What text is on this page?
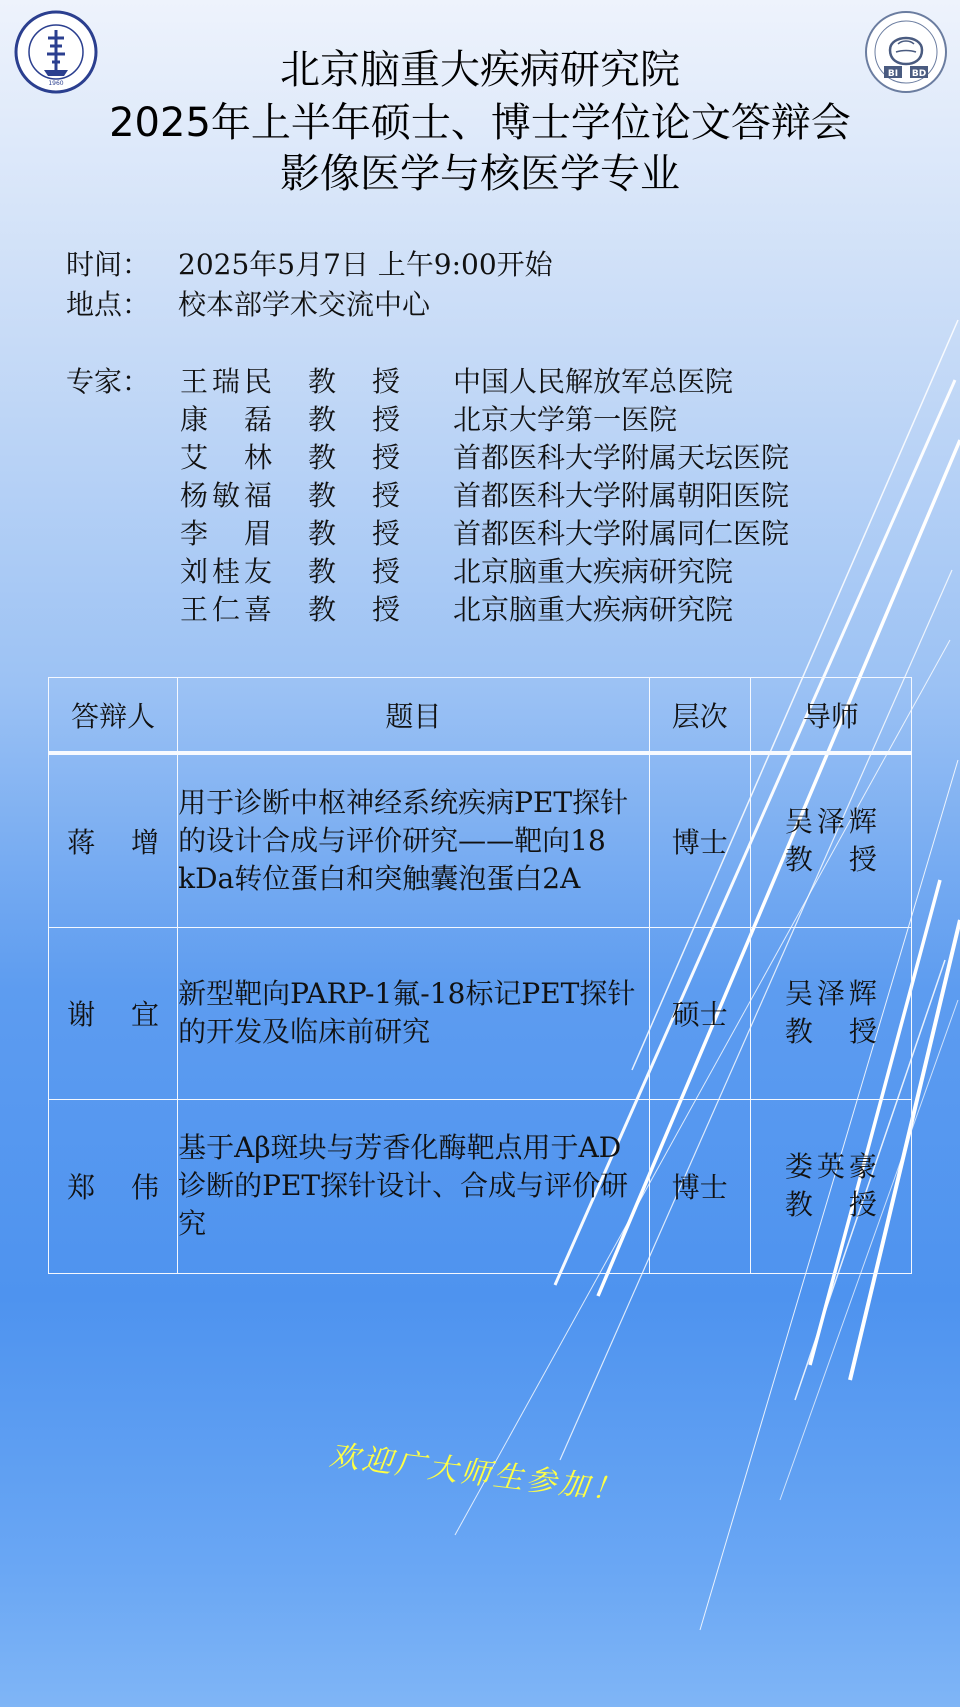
1960
BI BD
北京脑重大疾病研究院
2025年上半年硕士、博士学位论文答辩会
影像医学与核医学专业
时间： 2025年5月7日 上午9:00开始
地点： 校本部学术交流中心
专家： 王瑞民 教授 中国人民解放军总医院
康磊 教授 北京大学第一医院
艾林 教授 首都医科大学附属天坛医院
杨敏福 教授 首都医科大学附属朝阳医院
李眉 教授 首都医科大学附属同仁医院
刘桂友 教授 北京脑重大疾病研究院
王仁喜 教授 北京脑重大疾病研究院
答辩人	题目	层次	导师
蒋增	用于诊断中枢神经系统疾病PET探针的设计合成与评价研究——靶向18 kDa转位蛋白和突触囊泡蛋白2A	博士	吴泽辉
教授

谢宜	新型靶向PARP-1氟-18标记PET探针的开发及临床前研究	硕士	吴泽辉
教授

郑伟	基于Aβ斑块与芳香化酶靶点用于AD诊断的PET探针设计、合成与评价研究	博士	娄英豪
教授
欢迎广大师生参加！
